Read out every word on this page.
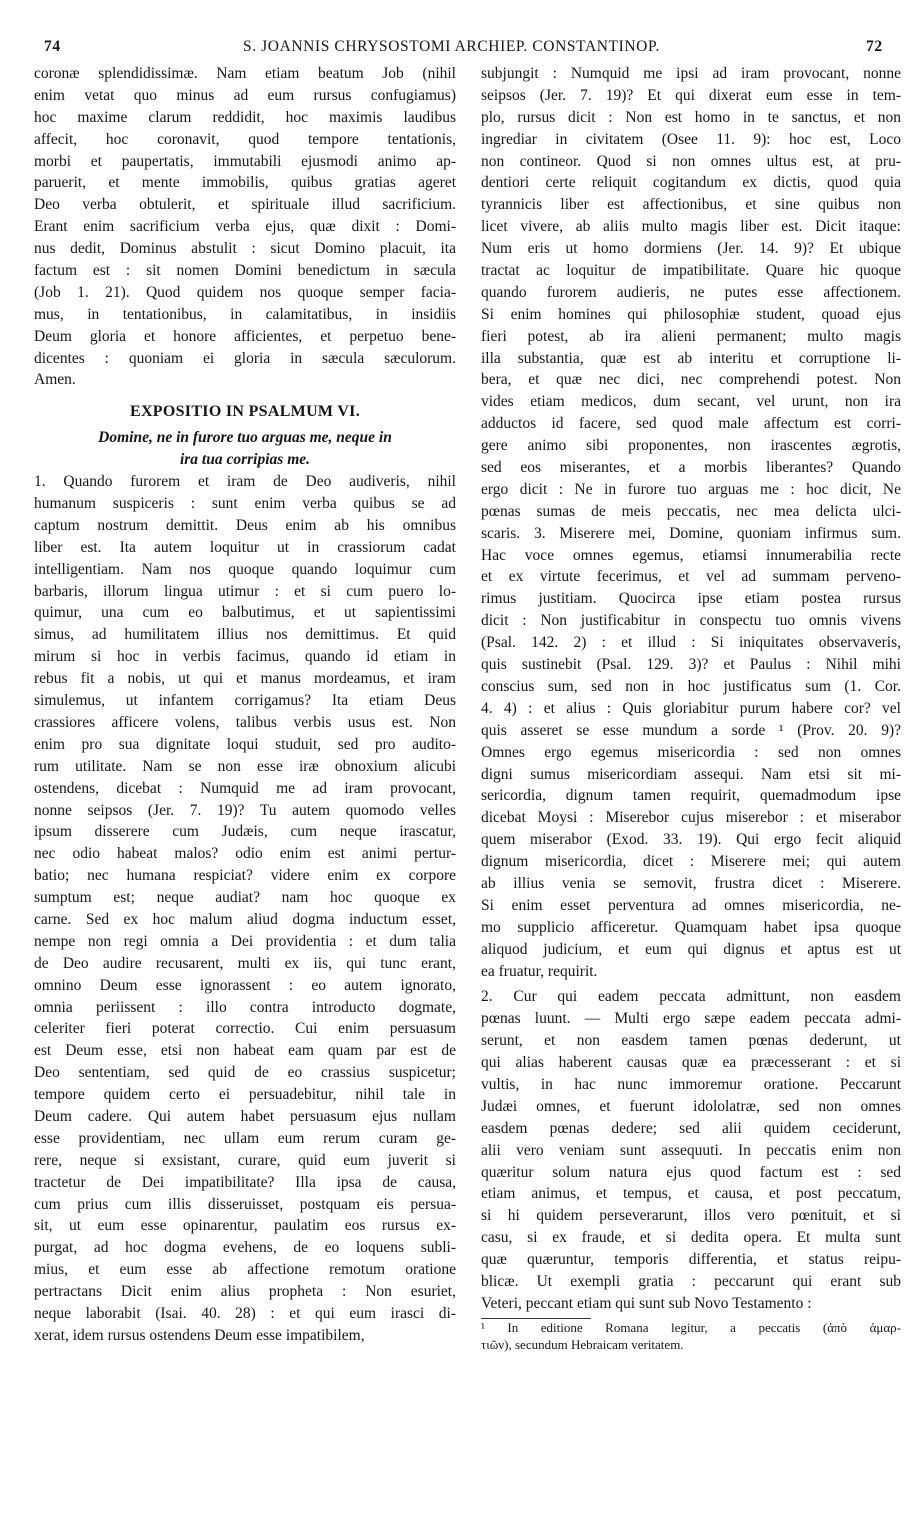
74	S. JOANNIS CHRYSOSTOMI ARCHIEP. CONSTANTINOP.	72

coronæ splendidissimæ. Nam etiam beatum Job (nihil
enim vetat quo minus ad eum rursus confugiamus)
hoc maxime clarum reddidit, hoc maximis laudibus
affecit, hoc coronavit, quod tempore tentationis,
morbi et paupertatis, immutabili ejusmodi animo ap-
paruerit, et mente immobilis, quibus gratias ageret
Deo verba obtulerit, et spirituale illud sacrificium.
Erant enim sacrificium verba ejus, quæ dixit : Domi-
nus dedit, Dominus abstulit : sicut Domino placuit, ita
factum est : sit nomen Domini benedictum in sæcula
(Job 1. 21). Quod quidem nos quoque semper facia-
mus, in tentationibus, in calamitatibus, in insidiis
Deum gloria et honore afficientes, et perpetuo bene-
dicentes : quoniam ei gloria in sæcula sæculorum.
Amen.

EXPOSITIO IN PSALMUM VI.

Domine, ne in furore tuo arguas me, neque in
ira tua corripias me.

1. Quando furorem et iram de Deo audiveris, nihil
humanum suspiceris : sunt enim verba quibus se ad
captum nostrum demittit. Deus enim ab his omnibus
liber est. Ita autem loquitur ut in crassiorum cadat
intelligentiam. Nam nos quoque quando loquimur cum
barbaris, illorum lingua utimur : et si cum puero lo-
quimur, una cum eo balbutimus, et ut sapientissimi
simus, ad humilitatem illius nos demittimus. Et quid
mirum si hoc in verbis facimus, quando id etiam in
rebus fit a nobis, ut qui et manus mordeamus, et iram
simulemus, ut infantem corrigamus? Ita etiam Deus
crassiores afficere volens, talibus verbis usus est. Non
enim pro sua dignitate loqui studuit, sed pro audito-
rum utilitate. Nam se non esse iræ obnoxium alicubi
ostendens, dicebat : Numquid me ad iram provocant,
nonne seipsos (Jer. 7. 19)? Tu autem quomodo velles
ipsum disserere cum Judæis, cum neque irascatur,
nec odio habeat malos? odio enim est animi pertur-
batio; nec humana respiciat? videre enim ex corpore
sumptum est; neque audiat? nam hoc quoque ex
carne. Sed ex hoc malum aliud dogma inductum esset,
nempe non regi omnia a Dei providentia : et dum talia
de Deo audire recusarent, multi ex iis, qui tunc erant,
omnino Deum esse ignorassent : eo autem ignorato,
omnia periissent : illo contra introducto dogmate,
celeriter fieri poterat correctio. Cui enim persuasum
est Deum esse, etsi non habeat eam quam par est de
Deo sententiam, sed quid de eo crassius suspicetur;
tempore quidem certo ei persuadebitur, nihil tale in
Deum cadere. Qui autem habet persuasum ejus nullam
esse providentiam, nec ullam eum rerum curam ge-
rere, neque si exsistant, curare, quid eum juverit si
tractetur de Dei impatibilitate? Illa ipsa de causa,
cum prius cum illis disseruisset, postquam eis persua-
sit, ut eum esse opinarentur, paulatim eos rursus ex-
purgat, ad hoc dogma evehens, de eo loquens subli-
mius, et eum esse ab affectione remotum oratione
pertractans Dicit enim alius propheta : Non esuriet,
neque laborabit (Isai. 40. 28) : et qui eum irasci di-
xerat, idem rursus ostendens Deum esse impatibilem,

subjungit : Numquid me ipsi ad iram provocant, nonne
seipsos (Jer. 7. 19)? Et qui dixerat eum esse in tem-
plo, rursus dicit : Non est homo in te sanctus, et non
ingrediar in civitatem (Osee 11. 9): hoc est, Loco
non contineor. Quod si non omnes ultus est, at pru-
dentiori certe reliquit cogitandum ex dictis, quod quia
tyrannicis liber est affectionibus, et sine quibus non
licet vivere, ab aliis multo magis liber est. Dicit itaque:
Num eris ut homo dormiens (Jer. 14. 9)? Et ubique
tractat ac loquitur de impatibilitate. Quare hic quoque
quando furorem audieris, ne putes esse affectionem.
Si enim homines qui philosophiæ student, quoad ejus
fieri potest, ab ira alieni permanent; multo magis
illa substantia, quæ est ab interitu et corruptione li-
bera, et quæ nec dici, nec comprehendi potest. Non
vides etiam medicos, dum secant, vel urunt, non ira
adductos id facere, sed quod male affectum est corri-
gere animo sibi proponentes, non irascentes ægrotis,
sed eos miserantes, et a morbis liberantes? Quando
ergo dicit : Ne in furore tuo arguas me : hoc dicit, Ne
pœnas sumas de meis peccatis, nec mea delicta ulci-
scaris. 3. Miserere mei, Domine, quoniam infirmus sum.
Hac voce omnes egemus, etiamsi innumerabilia recte
et ex virtute fecerimus, et vel ad summam perveno-
rimus justitiam. Quocirca ipse etiam postea rursus
dicit : Non justificabitur in conspectu tuo omnis vivens
(Psal. 142. 2) : et illud : Si iniquitates observaveris,
quis sustinebit (Psal. 129. 3)? et Paulus : Nihil mihi
conscius sum, sed non in hoc justificatus sum (1. Cor.
4. 4) : et alius : Quis gloriabitur purum habere cor? vel
quis asseret se esse mundum a sorde ¹ (Prov. 20. 9)?
Omnes ergo egemus misericordia : sed non omnes
digni sumus misericordiam assequi. Nam etsi sit mi-
sericordia, dignum tamen requirit, quemadmodum ipse
dicebat Moysi : Miserebor cujus miserebor : et miserabor
quem miserabor (Exod. 33. 19). Qui ergo fecit aliquid
dignum misericordia, dicet : Miserere mei; qui autem
ab illius venia se semovit, frustra dicet : Miserere.
Si enim esset perventura ad omnes misericordia, ne-
mo supplicio afficeretur. Quamquam habet ipsa quoque
aliquod judicium, et eum qui dignus et aptus est ut
ea fruatur, requirit.

2. Cur qui eadem peccata admittunt, non easdem
pœnas luunt. — Multi ergo sæpe eadem peccata admi-
serunt, et non easdem tamen pœnas dederunt, ut
qui alias haberent causas quæ ea præcesserant : et si
vultis, in hac nunc immoremur oratione. Peccarunt
Judæi omnes, et fuerunt idololatræ, sed non omnes
easdem pœnas dedere; sed alii quidem ceciderunt,
alii vero veniam sunt assequuti. In peccatis enim non
quæritur solum natura ejus quod factum est : sed
etiam animus, et tempus, et causa, et post peccatum,
si hi quidem perseverarunt, illos vero pœnituit, et si
casu, si ex fraude, et si dedita opera. Et multa sunt
quæ quæruntur, temporis differentia, et status reipu-
blicæ. Ut exempli gratia : peccarunt qui erant sub
Veteri, peccant etiam qui sunt sub Novo Testamento :

¹ In editione Romana legitur, a peccatis (ἀπὸ ἁμαρ-
τιῶν), secundum Hebraicam veritatem.
